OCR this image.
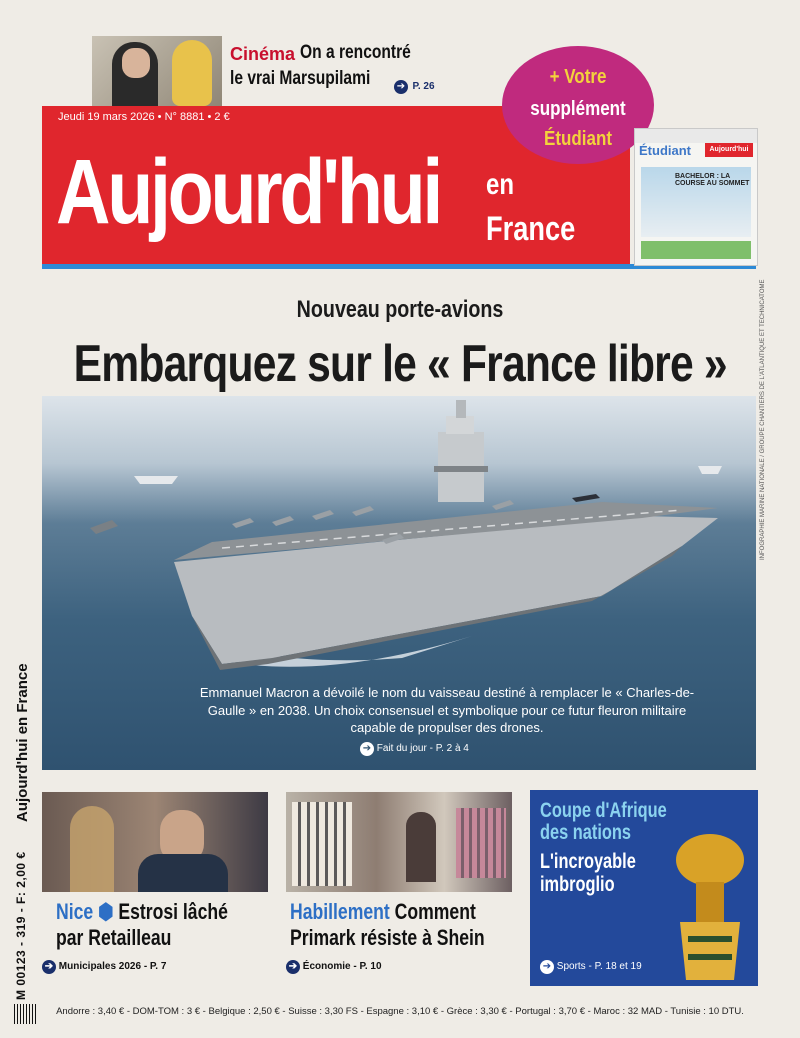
Cinéma On a rencontré
le vrai Marsupilami	➔ P. 26
Jeudi 19 mars 2026 • N° 8881 • 2 €
Aujourd'hui en
France
+ Votre
supplément
Étudiant
Étudiant	Aujourd'hui
BACHELOR : LA COURSE AU SOMMET
Nouveau porte-avions
Embarquez sur le « France libre »
Emmanuel Macron a dévoilé le nom du vaisseau destiné à remplacer le « Charles-de-Gaulle » en 2038. Un choix consensuel et symbolique pour ce futur fleuron militaire capable de propulser des drones.
➔ Fait du jour - P. 2 à 4
INFOGRAPHIE MARINE NATIONALE / GROUPE CHANTIERS DE L'ATLANTIQUE ET TECHNICATOME
Aujourd'hui en France
M 00123 - 319 - F: 2,00 € Nice ⬢ Estrosi lâché
par Retailleau
➔ Municipales 2026 - P. 7
Habillement Comment
Primark résiste à Shein
➔ Économie - P. 10
Coupe d'Afrique
des nations
L'incroyable
imbroglio
➔ Sports - P. 18 et 19
Andorre : 3,40 € - DOM-TOM : 3 € - Belgique : 2,50 € - Suisse : 3,30 FS - Espagne : 3,10 € - Grèce : 3,30 € - Portugal : 3,70 € - Maroc : 32 MAD - Tunisie : 10 DTU.
